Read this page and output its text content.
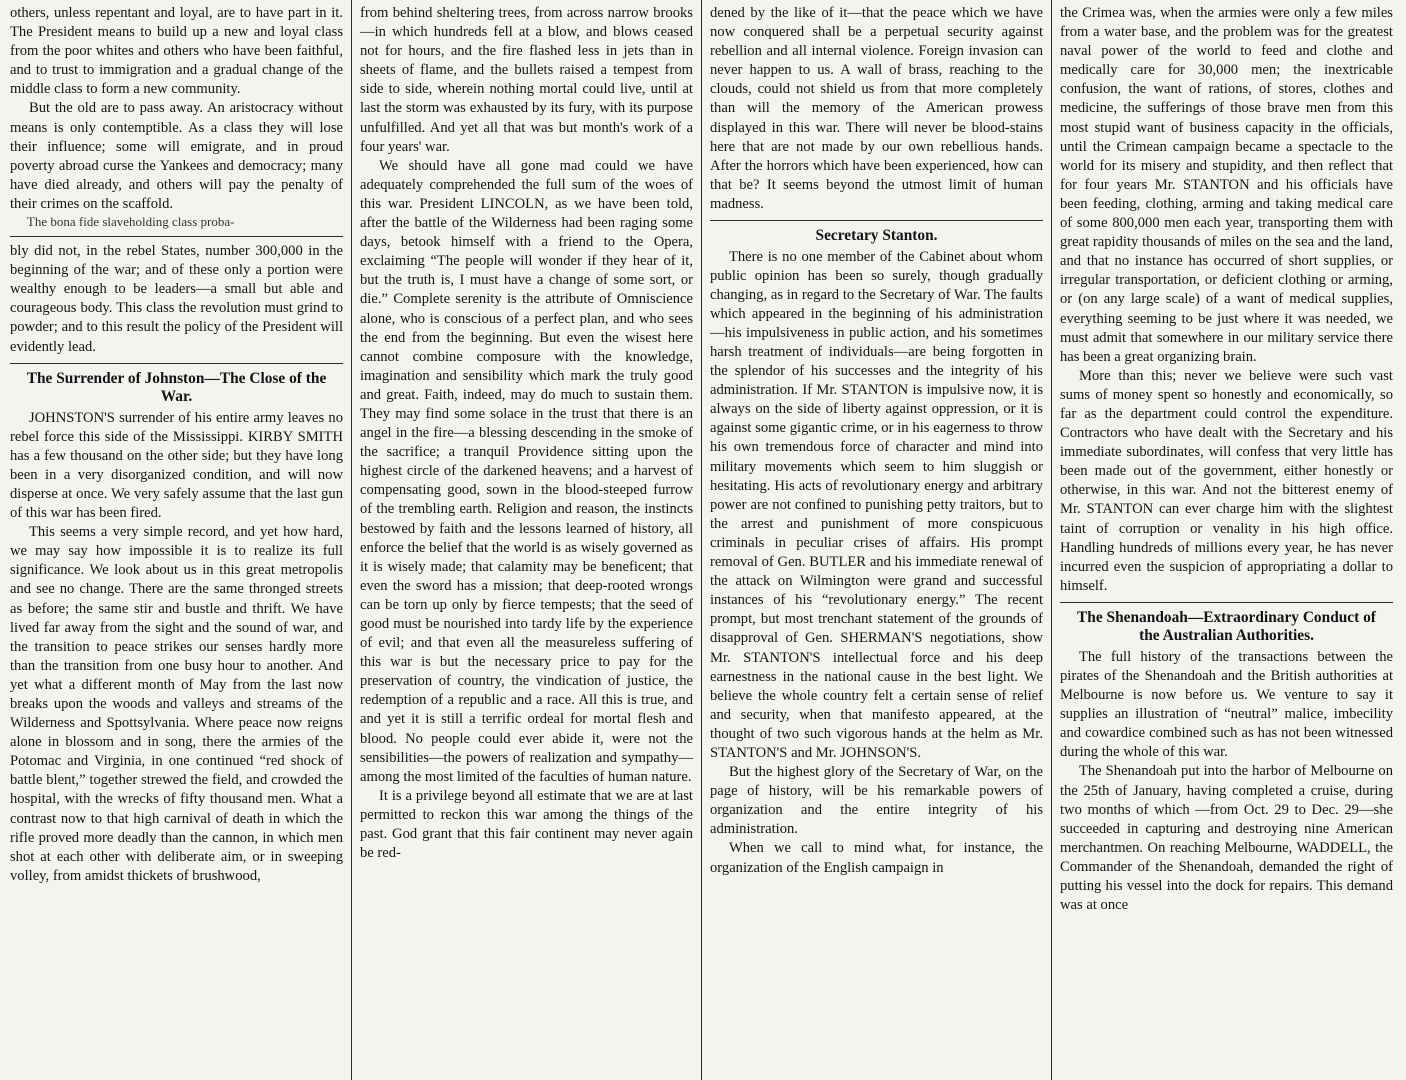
others, unless repentant and loyal, are to have part in it. The President means to build up a new and loyal class from the poor whites and others who have been faithful, and to trust to immigration and a gradual change of the middle class to form a new community.

But the old are to pass away. An aristocracy without means is only contemptible. As a class they will lose their influence; some will emigrate, and in proud poverty abroad curse the Yankees and democracy; many have died already, and others will pay the penalty of their crimes on the scaffold.

The bona fide slaveholding class proba-

bly did not, in the rebel States, number 300,000 in the beginning of the war; and of these only a portion were wealthy enough to be leaders—a small but able and courageous body. This class the revolution must grind to powder; and to this result the policy of the President will evidently lead.

The Surrender of Johnston—The Close of the War.

JOHNSTON'S surrender of his entire army leaves no rebel force this side of the Mississippi. KIRBY SMITH has a few thousand on the other side; but they have long been in a very disorganized condition, and will now disperse at once. We very safely assume that the last gun of this war has been fired.

This seems a very simple record, and yet how hard, we may say how impossible it is to realize its full significance. We look about us in this great metropolis and see no change. There are the same thronged streets as before; the same stir and bustle and thrift. We have lived far away from the sight and the sound of war, and the transition to peace strikes our senses hardly more than the transition from one busy hour to another. And yet what a different month of May from the last now breaks upon the woods and valleys and streams of the Wilderness and Spottsylvania. Where peace now reigns alone in blossom and in song, there the armies of the Potomac and Virginia, in one continued “red shock of battle blent,” together strewed the field, and crowded the hospital, with the wrecks of fifty thousand men. What a contrast now to that high carnival of death in which the rifle proved more deadly than the cannon, in which men shot at each other with deliberate aim, or in sweeping volley, from amidst thickets of brushwood,

from behind sheltering trees, from across narrow brooks—in which hundreds fell at a blow, and blows ceased not for hours, and the fire flashed less in jets than in sheets of flame, and the bullets raised a tempest from side to side, wherein nothing mortal could live, until at last the storm was exhausted by its fury, with its purpose unfulfilled. And yet all that was but month's work of a four years' war.

We should have all gone mad could we have adequately comprehended the full sum of the woes of this war. President LINCOLN, as we have been told, after the battle of the Wilderness had been raging some days, betook himself with a friend to the Opera, exclaiming “The people will wonder if they hear of it, but the truth is, I must have a change of some sort, or die.” Complete serenity is the attribute of Omniscience alone, who is conscious of a perfect plan, and who sees the end from the beginning. But even the wisest here cannot combine composure with the knowledge, imagination and sensibility which mark the truly good and great. Faith, indeed, may do much to sustain them. They may find some solace in the trust that there is an angel in the fire—a blessing descending in the smoke of the sacrifice; a tranquil Providence sitting upon the highest circle of the darkened heavens; and a harvest of compensating good, sown in the blood-steeped furrow of the trembling earth. Religion and reason, the instincts bestowed by faith and the lessons learned of history, all enforce the belief that the world is as wisely governed as it is wisely made; that calamity may be beneficent; that even the sword has a mission; that deep-rooted wrongs can be torn up only by fierce tempests; that the seed of good must be nourished into tardy life by the experience of evil; and that even all the measureless suffering of this war is but the necessary price to pay for the preservation of country, the vindication of justice, the redemption of a republic and a race. All this is true, and and yet it is still a terrific ordeal for mortal flesh and blood. No people could ever abide it, were not the sensibilities—the powers of realization and sympathy—among the most limited of the faculties of human nature.

It is a privilege beyond all estimate that we are at last permitted to reckon this war among the things of the past. God grant that this fair continent may never again be red-

dened by the like of it—that the peace which we have now conquered shall be a perpetual security against rebellion and all internal violence. Foreign invasion can never happen to us. A wall of brass, reaching to the clouds, could not shield us from that more completely than will the memory of the American prowess displayed in this war. There will never be blood-stains here that are not made by our own rebellious hands. After the horrors which have been experienced, how can that be? It seems beyond the utmost limit of human madness.

Secretary Stanton.

There is no one member of the Cabinet about whom public opinion has been so surely, though gradually changing, as in regard to the Secretary of War. The faults which appeared in the beginning of his administration —his impulsiveness in public action, and his sometimes harsh treatment of individuals—are being forgotten in the splendor of his successes and the integrity of his administration. If Mr. STANTON is impulsive now, it is always on the side of liberty against oppression, or it is against some gigantic crime, or in his eagerness to throw his own tremendous force of character and mind into military movements which seem to him sluggish or hesitating. His acts of revolutionary energy and arbitrary power are not confined to punishing petty traitors, but to the arrest and punishment of more conspicuous criminals in peculiar crises of affairs. His prompt removal of Gen. BUTLER and his immediate renewal of the attack on Wilmington were grand and successful instances of his “revolutionary energy.” The recent prompt, but most trenchant statement of the grounds of disapproval of Gen. SHERMAN'S negotiations, show Mr. STANTON'S intellectual force and his deep earnestness in the national cause in the best light. We believe the whole country felt a certain sense of relief and security, when that manifesto appeared, at the thought of two such vigorous hands at the helm as Mr. STANTON'S and Mr. JOHNSON'S.

But the highest glory of the Secretary of War, on the page of history, will be his remarkable powers of organization and the entire integrity of his administration.

When we call to mind what, for instance, the organization of the English campaign in

the Crimea was, when the armies were only a few miles from a water base, and the problem was for the greatest naval power of the world to feed and clothe and medically care for 30,000 men; the inextricable confusion, the want of rations, of stores, clothes and medicine, the sufferings of those brave men from this most stupid want of business capacity in the officials, until the Crimean campaign became a spectacle to the world for its misery and stupidity, and then reflect that for four years Mr. STANTON and his officials have been feeding, clothing, arming and taking medical care of some 800,000 men each year, transporting them with great rapidity thousands of miles on the sea and the land, and that no instance has occurred of short supplies, or irregular transportation, or deficient clothing or arming, or (on any large scale) of a want of medical supplies, everything seeming to be just where it was needed, we must admit that somewhere in our military service there has been a great organizing brain.

More than this; never we believe were such vast sums of money spent so honestly and economically, so far as the department could control the expenditure. Contractors who have dealt with the Secretary and his immediate subordinates, will confess that very little has been made out of the government, either honestly or otherwise, in this war. And not the bitterest enemy of Mr. STANTON can ever charge him with the slightest taint of corruption or venality in his high office. Handling hundreds of millions every year, he has never incurred even the suspicion of appropriating a dollar to himself.

The Shenandoah—Extraordinary Conduct of the Australian Authorities.

The full history of the transactions between the pirates of the Shenandoah and the British authorities at Melbourne is now before us. We venture to say it supplies an illustration of “neutral” malice, imbecility and cowardice combined such as has not been witnessed during the whole of this war.

The Shenandoah put into the harbor of Melbourne on the 25th of January, having completed a cruise, during two months of which —from Oct. 29 to Dec. 29—she succeeded in capturing and destroying nine American merchantmen. On reaching Melbourne, WADDELL, the Commander of the Shenandoah, demanded the right of putting his vessel into the dock for repairs. This demand was at once
